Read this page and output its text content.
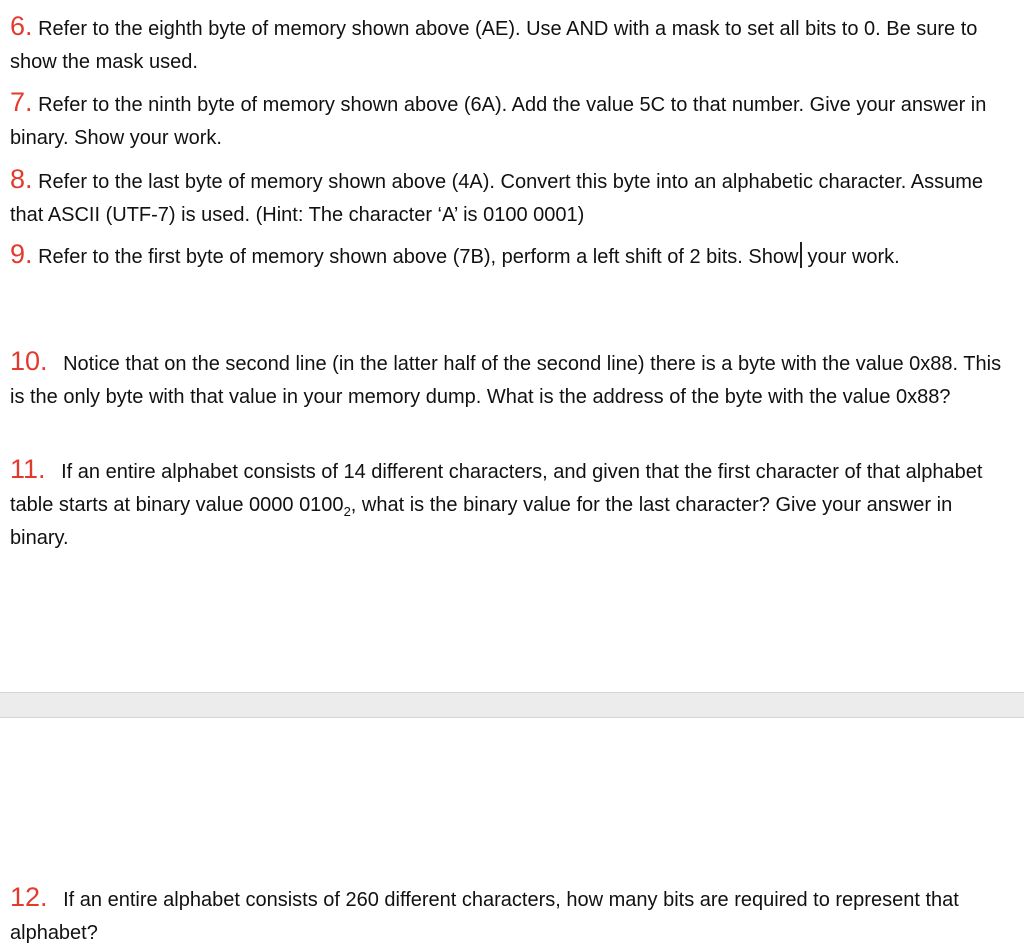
6. Refer to the eighth byte of memory shown above (AE). Use AND with a mask to set all bits to 0. Be sure to show the mask used.

7. Refer to the ninth byte of memory shown above (6A). Add the value 5C to that number. Give your answer in binary. Show your work.

8. Refer to the last byte of memory shown above (4A). Convert this byte into an alphabetic character. Assume that ASCII (UTF-7) is used. (Hint: The character ‘A’ is 0100 0001)

9. Refer to the first byte of memory shown above (7B), perform a left shift of 2 bits. Show your work.

10. Notice that on the second line (in the latter half of the second line) there is a byte with the value 0x88. This is the only byte with that value in your memory dump. What is the address of the byte with the value 0x88?

11. If an entire alphabet consists of 14 different characters, and given that the first character of that alphabet table starts at binary value 0000 $0100_2$, what is the binary value for the last character? Give your answer in binary.

12. If an entire alphabet consists of 260 different characters, how many bits are required to represent that alphabet?
